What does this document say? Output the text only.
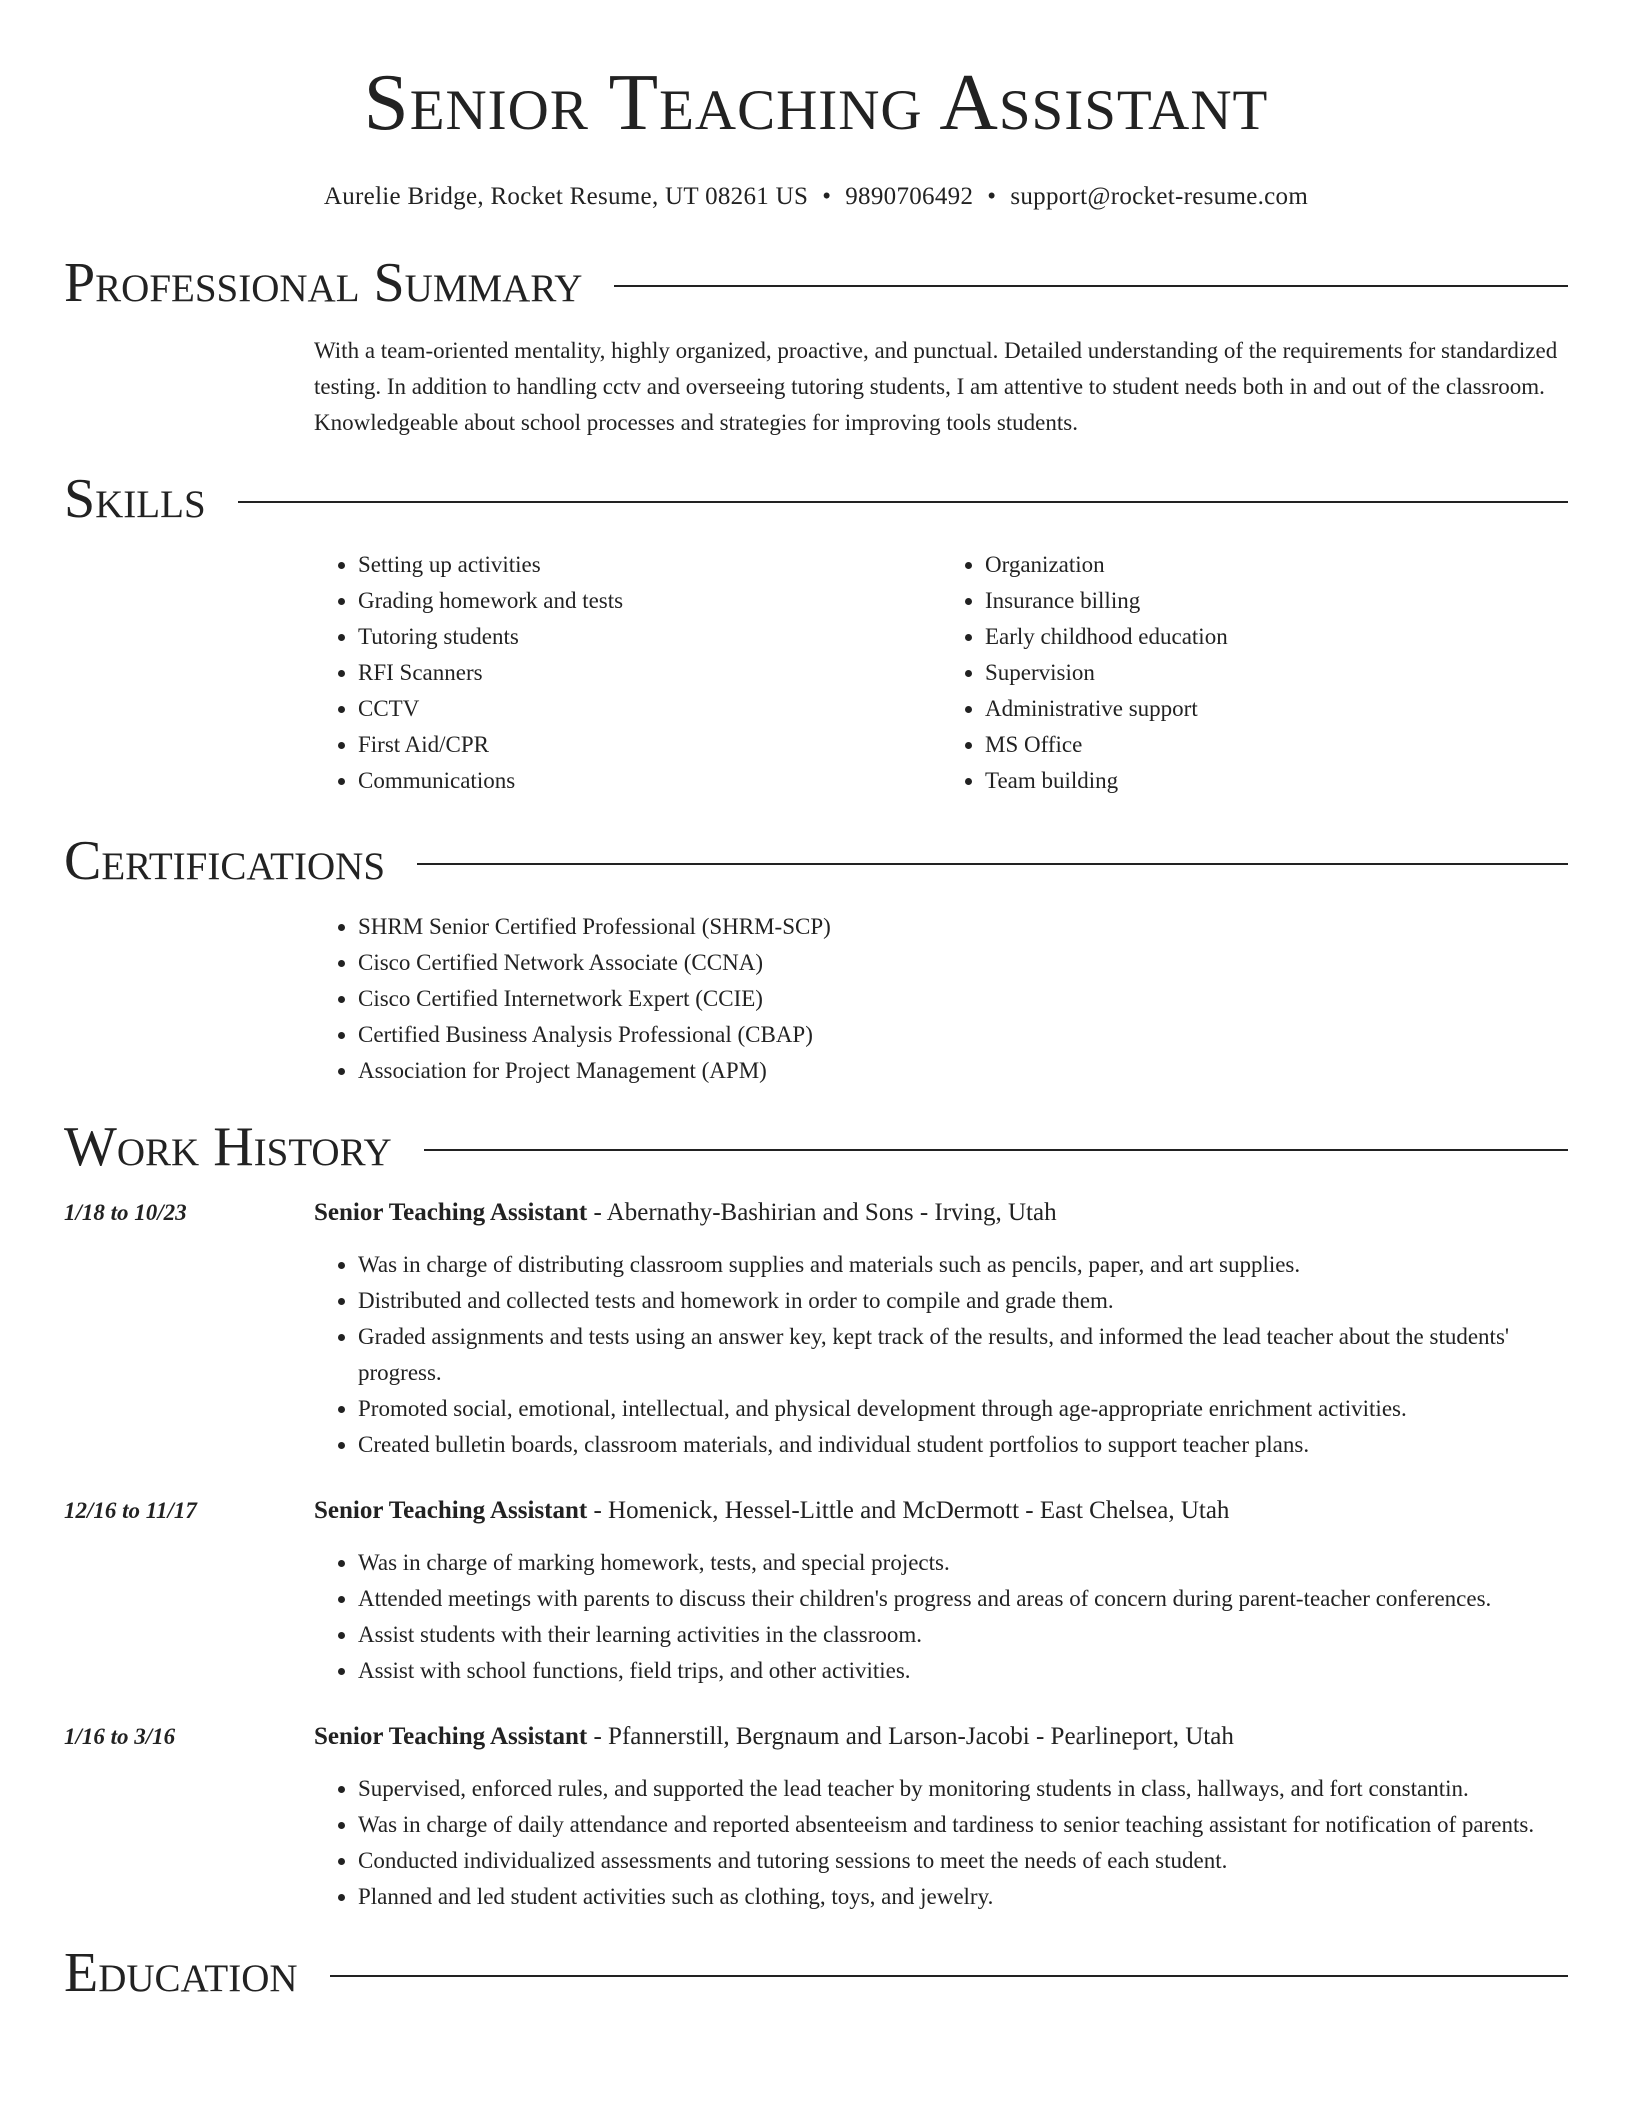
Senior Teaching Assistant
Aurelie Bridge, Rocket Resume, UT 08261 US • 9890706492 • support@rocket-resume.com
Professional Summary
With a team-oriented mentality, highly organized, proactive, and punctual. Detailed understanding of the requirements for standardized testing. In addition to handling cctv and overseeing tutoring students, I am attentive to student needs both in and out of the classroom. Knowledgeable about school processes and strategies for improving tools students.
Skills
• Setting up activities
• Grading homework and tests
• Tutoring students
• RFI Scanners
• CCTV
• First Aid/CPR
• Communications
• Organization
• Insurance billing
• Early childhood education
• Supervision
• Administrative support
• MS Office
• Team building
Certifications
• SHRM Senior Certified Professional (SHRM-SCP)
• Cisco Certified Network Associate (CCNA)
• Cisco Certified Internetwork Expert (CCIE)
• Certified Business Analysis Professional (CBAP)
• Association for Project Management (APM)
Work History
1/18 to 10/23	Senior Teaching Assistant - Abernathy-Bashirian and Sons - Irving, Utah
• Was in charge of distributing classroom supplies and materials such as pencils, paper, and art supplies.
• Distributed and collected tests and homework in order to compile and grade them.
• Graded assignments and tests using an answer key, kept track of the results, and informed the lead teacher about the students' progress.
• Promoted social, emotional, intellectual, and physical development through age-appropriate enrichment activities.
• Created bulletin boards, classroom materials, and individual student portfolios to support teacher plans.
12/16 to 11/17	Senior Teaching Assistant - Homenick, Hessel-Little and McDermott - East Chelsea, Utah
• Was in charge of marking homework, tests, and special projects.
• Attended meetings with parents to discuss their children's progress and areas of concern during parent-teacher conferences.
• Assist students with their learning activities in the classroom.
• Assist with school functions, field trips, and other activities.
1/16 to 3/16	Senior Teaching Assistant - Pfannerstill, Bergnaum and Larson-Jacobi - Pearlineport, Utah
• Supervised, enforced rules, and supported the lead teacher by monitoring students in class, hallways, and fort constantin.
• Was in charge of daily attendance and reported absenteeism and tardiness to senior teaching assistant for notification of parents.
• Conducted individualized assessments and tutoring sessions to meet the needs of each student.
• Planned and led student activities such as clothing, toys, and jewelry.
Education
